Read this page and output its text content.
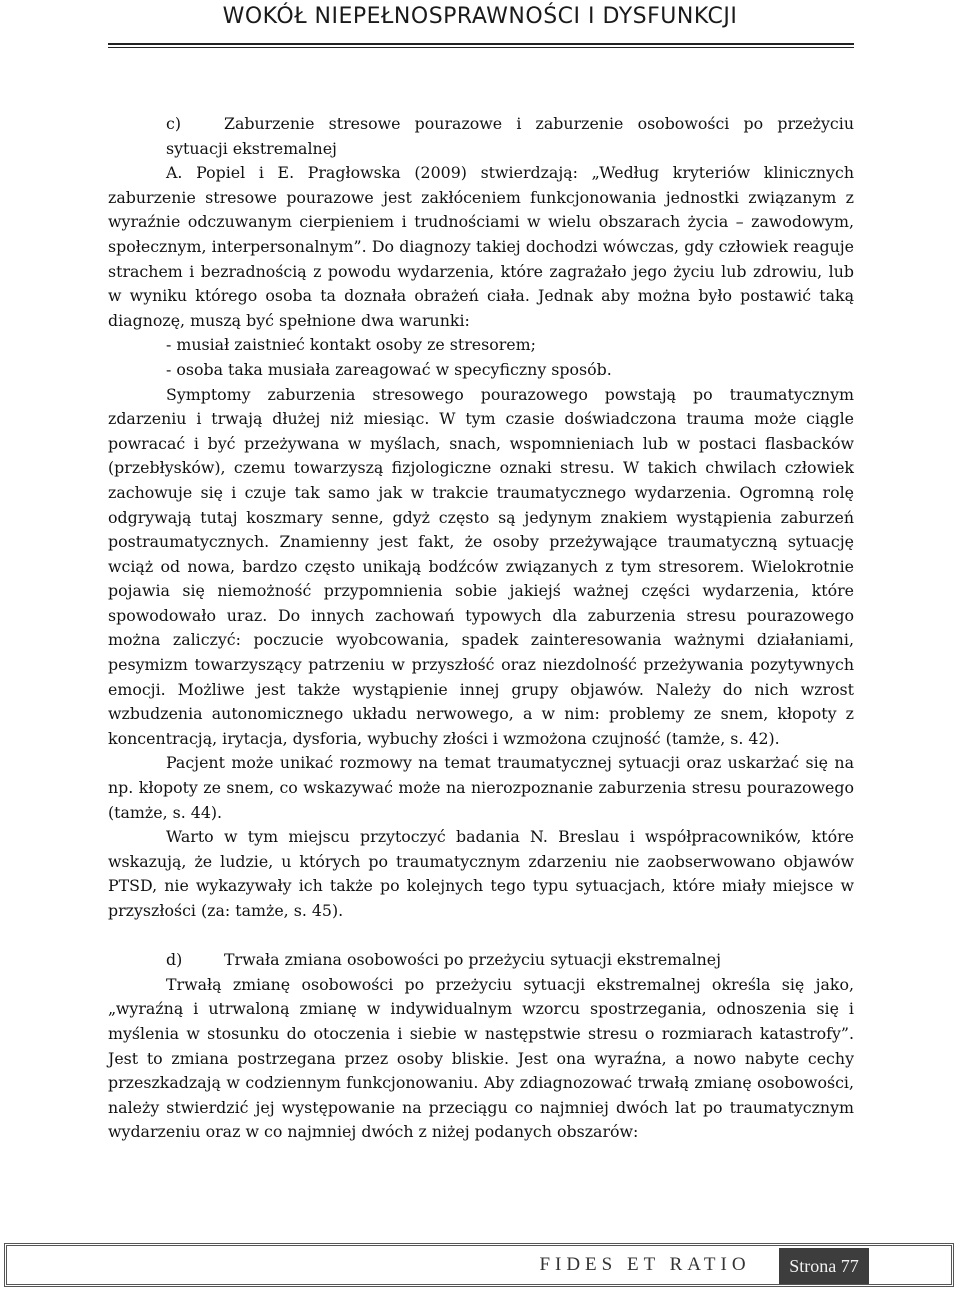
WOKÓŁ NIEPEŁNOSPRAWNOŚCI I DYSFUNKCJI

c)	Zaburzenie stresowe pourazowe i zaburzenie osobowości po przeżyciu sytuacji ekstremalnej

A. Popiel i E. Pragłowska (2009) stwierdzają: „Według kryteriów klinicznych zaburzenie stresowe pourazowe jest zakłóceniem funkcjonowania jednostki związanym z wyraźnie odczuwanym cierpieniem i trudnościami w wielu obszarach życia – zawodowym, społecznym, interpersonalnym”. Do diagnozy takiej dochodzi wówczas, gdy człowiek reaguje strachem i bezradnością z powodu wydarzenia, które zagrażało jego życiu lub zdrowiu, lub w wyniku którego osoba ta doznała obrażeń ciała. Jednak aby można było postawić taką diagnozę, muszą być spełnione dwa warunki:

- musiał zaistnieć kontakt osoby ze stresorem;

- osoba taka musiała zareagować w specyficzny sposób.

Symptomy zaburzenia stresowego pourazowego powstają po traumatycznym zdarzeniu i trwają dłużej niż miesiąc. W tym czasie doświadczona trauma może ciągle powracać i być przeżywana w myślach, snach, wspomnieniach lub w postaci flasbacków (przebłysków), czemu towarzyszą fizjologiczne oznaki stresu. W takich chwilach człowiek zachowuje się i czuje tak samo jak w trakcie traumatycznego wydarzenia. Ogromną rolę odgrywają tutaj koszmary senne, gdyż często są jedynym znakiem wystąpienia zaburzeń postraumatycznych. Znamienny jest fakt, że osoby przeżywające traumatyczną sytuację wciąż od nowa, bardzo często unikają bodźców związanych z tym stresorem. Wielokrotnie pojawia się niemożność przypomnienia sobie jakiejś ważnej części wydarzenia, które spowodowało uraz. Do innych zachowań typowych dla zaburzenia stresu pourazowego można zaliczyć: poczucie wyobcowania, spadek zainteresowania ważnymi działaniami, pesymizm towarzyszący patrzeniu w przyszłość oraz niezdolność przeżywania pozytywnych emocji. Możliwe jest także wystąpienie innej grupy objawów. Należy do nich wzrost wzbudzenia autonomicznego układu nerwowego, a w nim: problemy ze snem, kłopoty z koncentracją, irytacja, dysforia, wybuchy złości i wzmożona czujność (tamże, s. 42).

Pacjent może unikać rozmowy na temat traumatycznej sytuacji oraz uskarżać się na np. kłopoty ze snem, co wskazywać może na nierozpoznanie zaburzenia stresu pourazowego (tamże, s. 44).

Warto w tym miejscu przytoczyć badania N. Breslau i współpracowników, które wskazują, że ludzie, u których po traumatycznym zdarzeniu nie zaobserwowano objawów PTSD, nie wykazywały ich także po kolejnych tego typu sytuacjach, które miały miejsce w przyszłości (za: tamże, s. 45).

d)	Trwała zmiana osobowości po przeżyciu sytuacji ekstremalnej

Trwałą zmianę osobowości po przeżyciu sytuacji ekstremalnej określa się jako, „wyraźną i utrwaloną zmianę w indywidualnym wzorcu spostrzegania, odnoszenia się i myślenia w stosunku do otoczenia i siebie w następstwie stresu o rozmiarach katastrofy”. Jest to zmiana postrzegana przez osoby bliskie. Jest ona wyraźna, a nowo nabyte cechy przeszkadzają w codziennym funkcjonowaniu. Aby zdiagnozować trwałą zmianę osobowości, należy stwierdzić jej występowanie na przeciągu co najmniej dwóch lat po traumatycznym wydarzeniu oraz w co najmniej dwóch z niżej podanych obszarów:

FIDES ET RATIO	Strona 77
